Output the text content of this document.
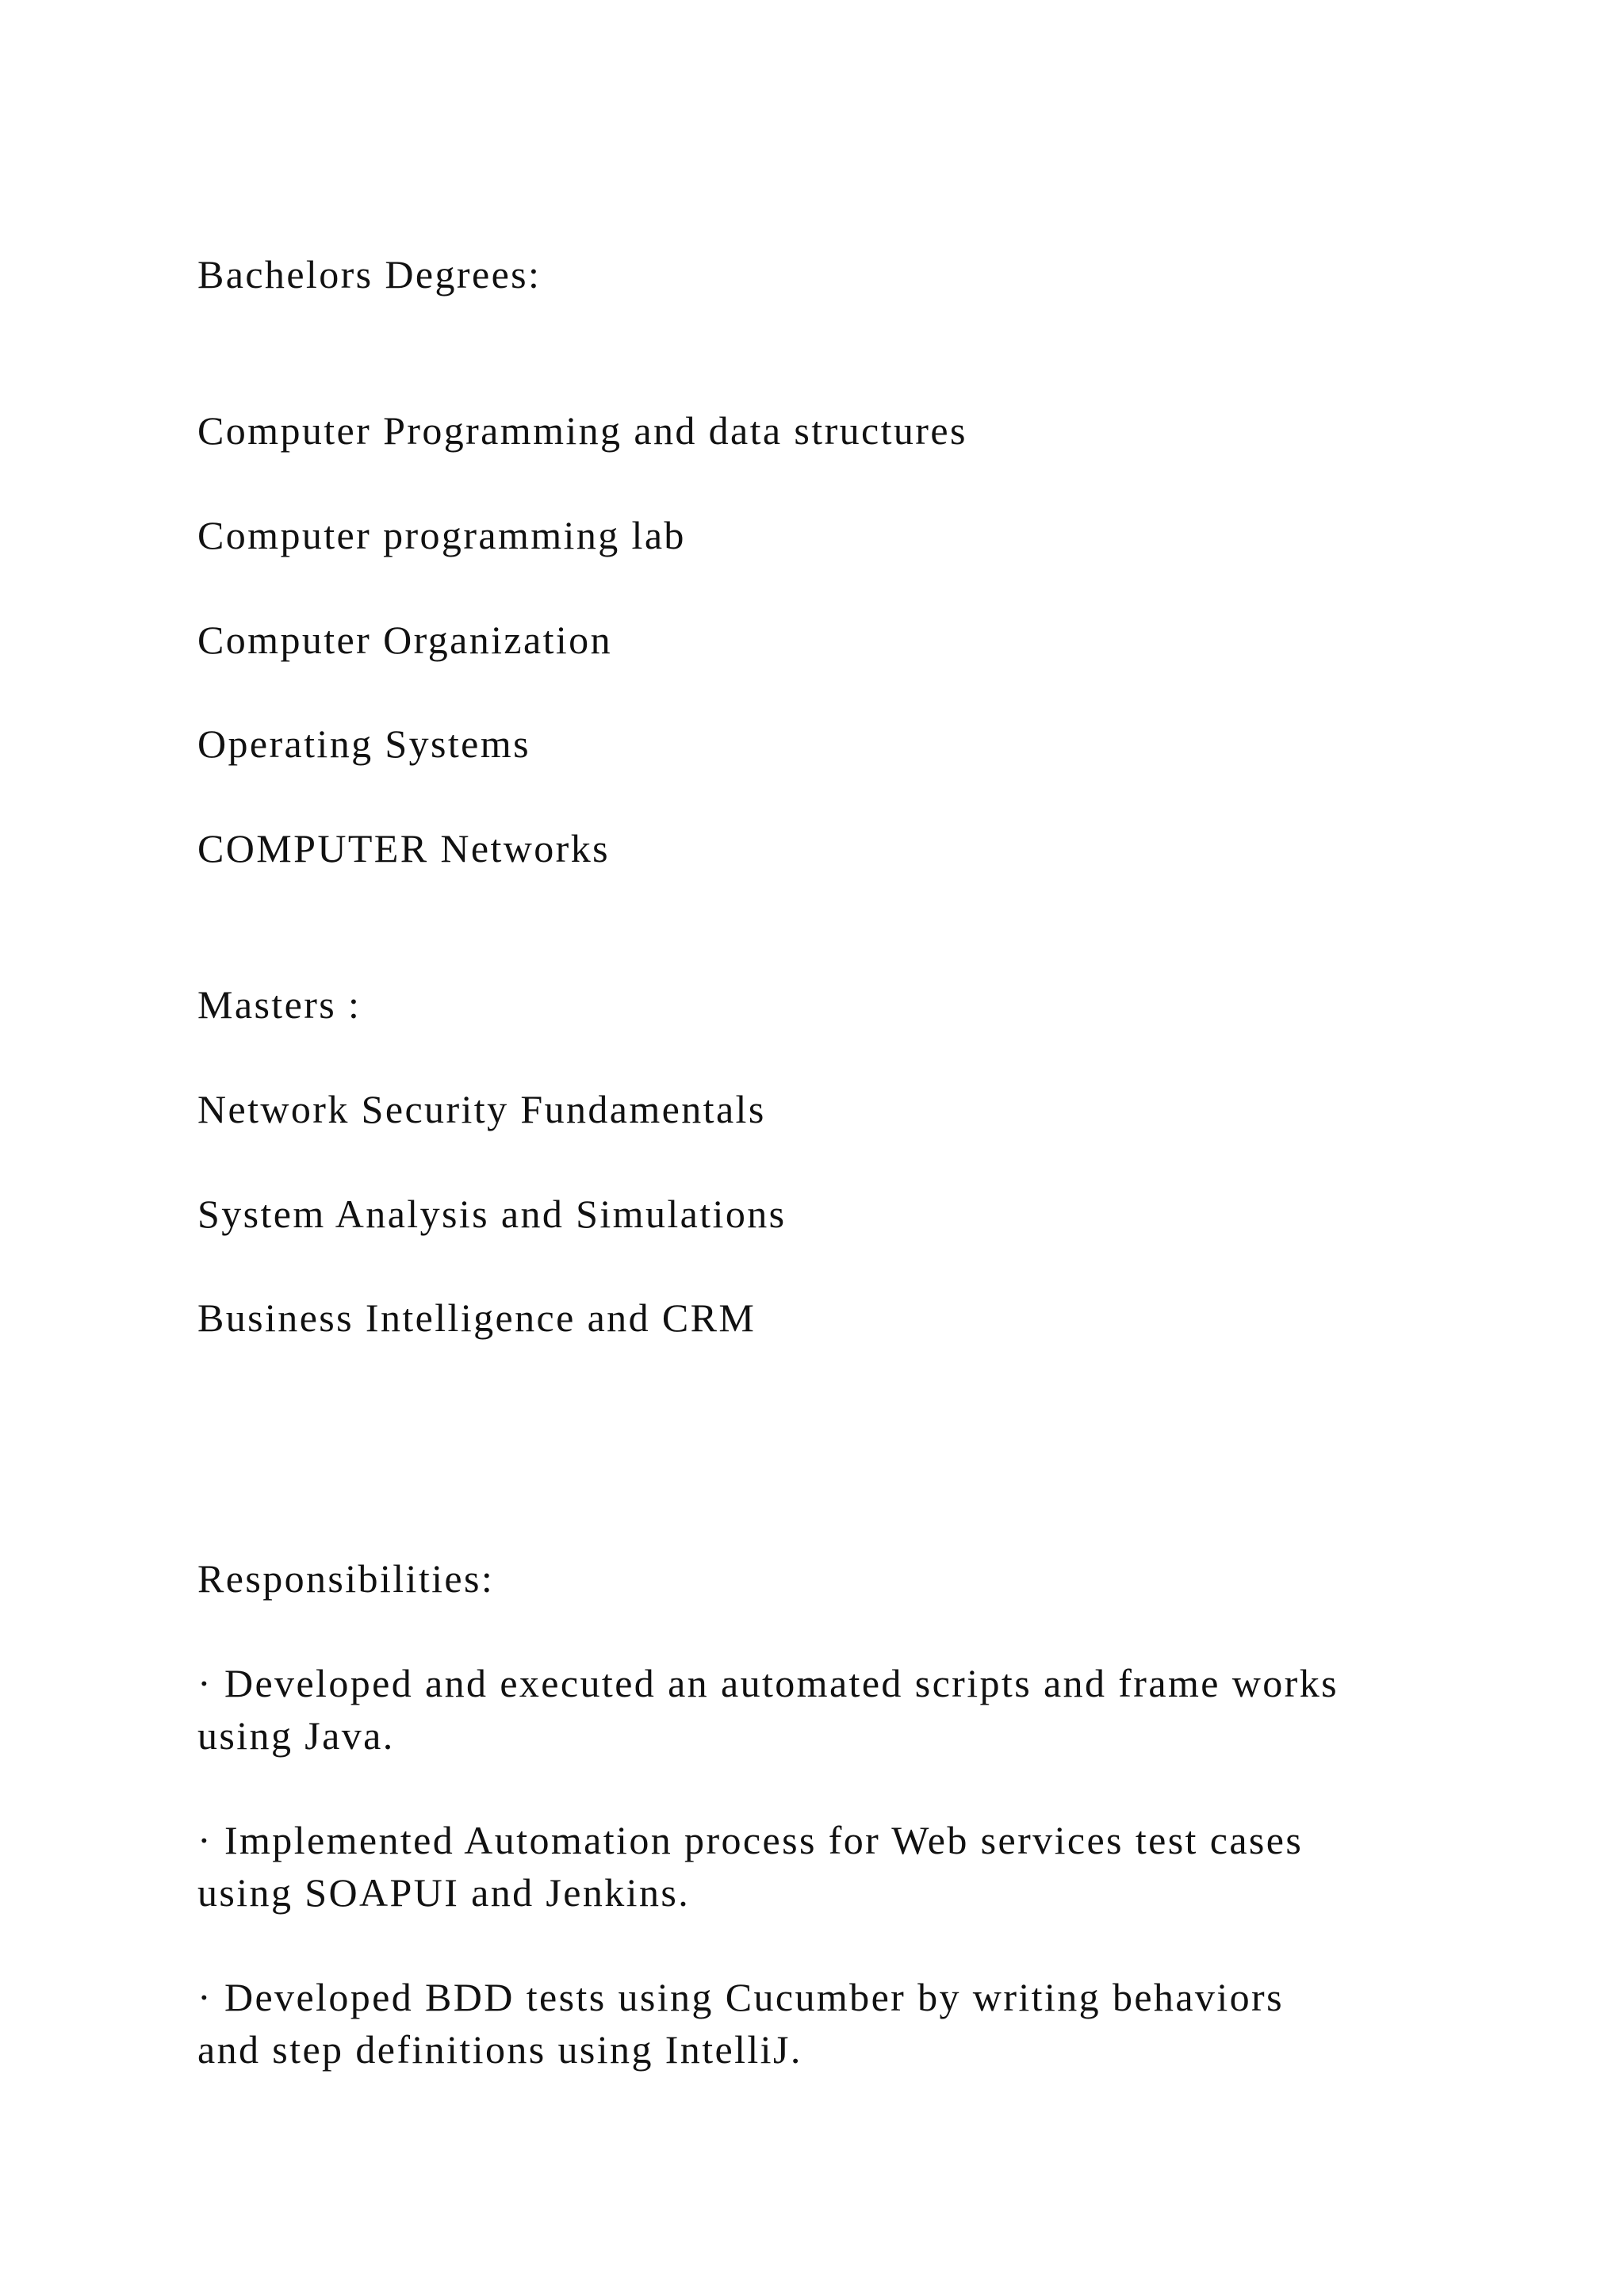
Bachelors Degrees:

Computer Programming and data structures

Computer programming lab

Computer Organization

Operating Systems

COMPUTER Networks

Masters :

Network Security Fundamentals

System Analysis and Simulations

Business Intelligence and CRM

Responsibilities:

· Developed and executed an automated scripts and frame works

using Java.

· Implemented Automation process for Web services test cases

using SOAPUI and Jenkins.

· Developed BDD tests using Cucumber by writing behaviors

and step definitions using IntelliJ.
